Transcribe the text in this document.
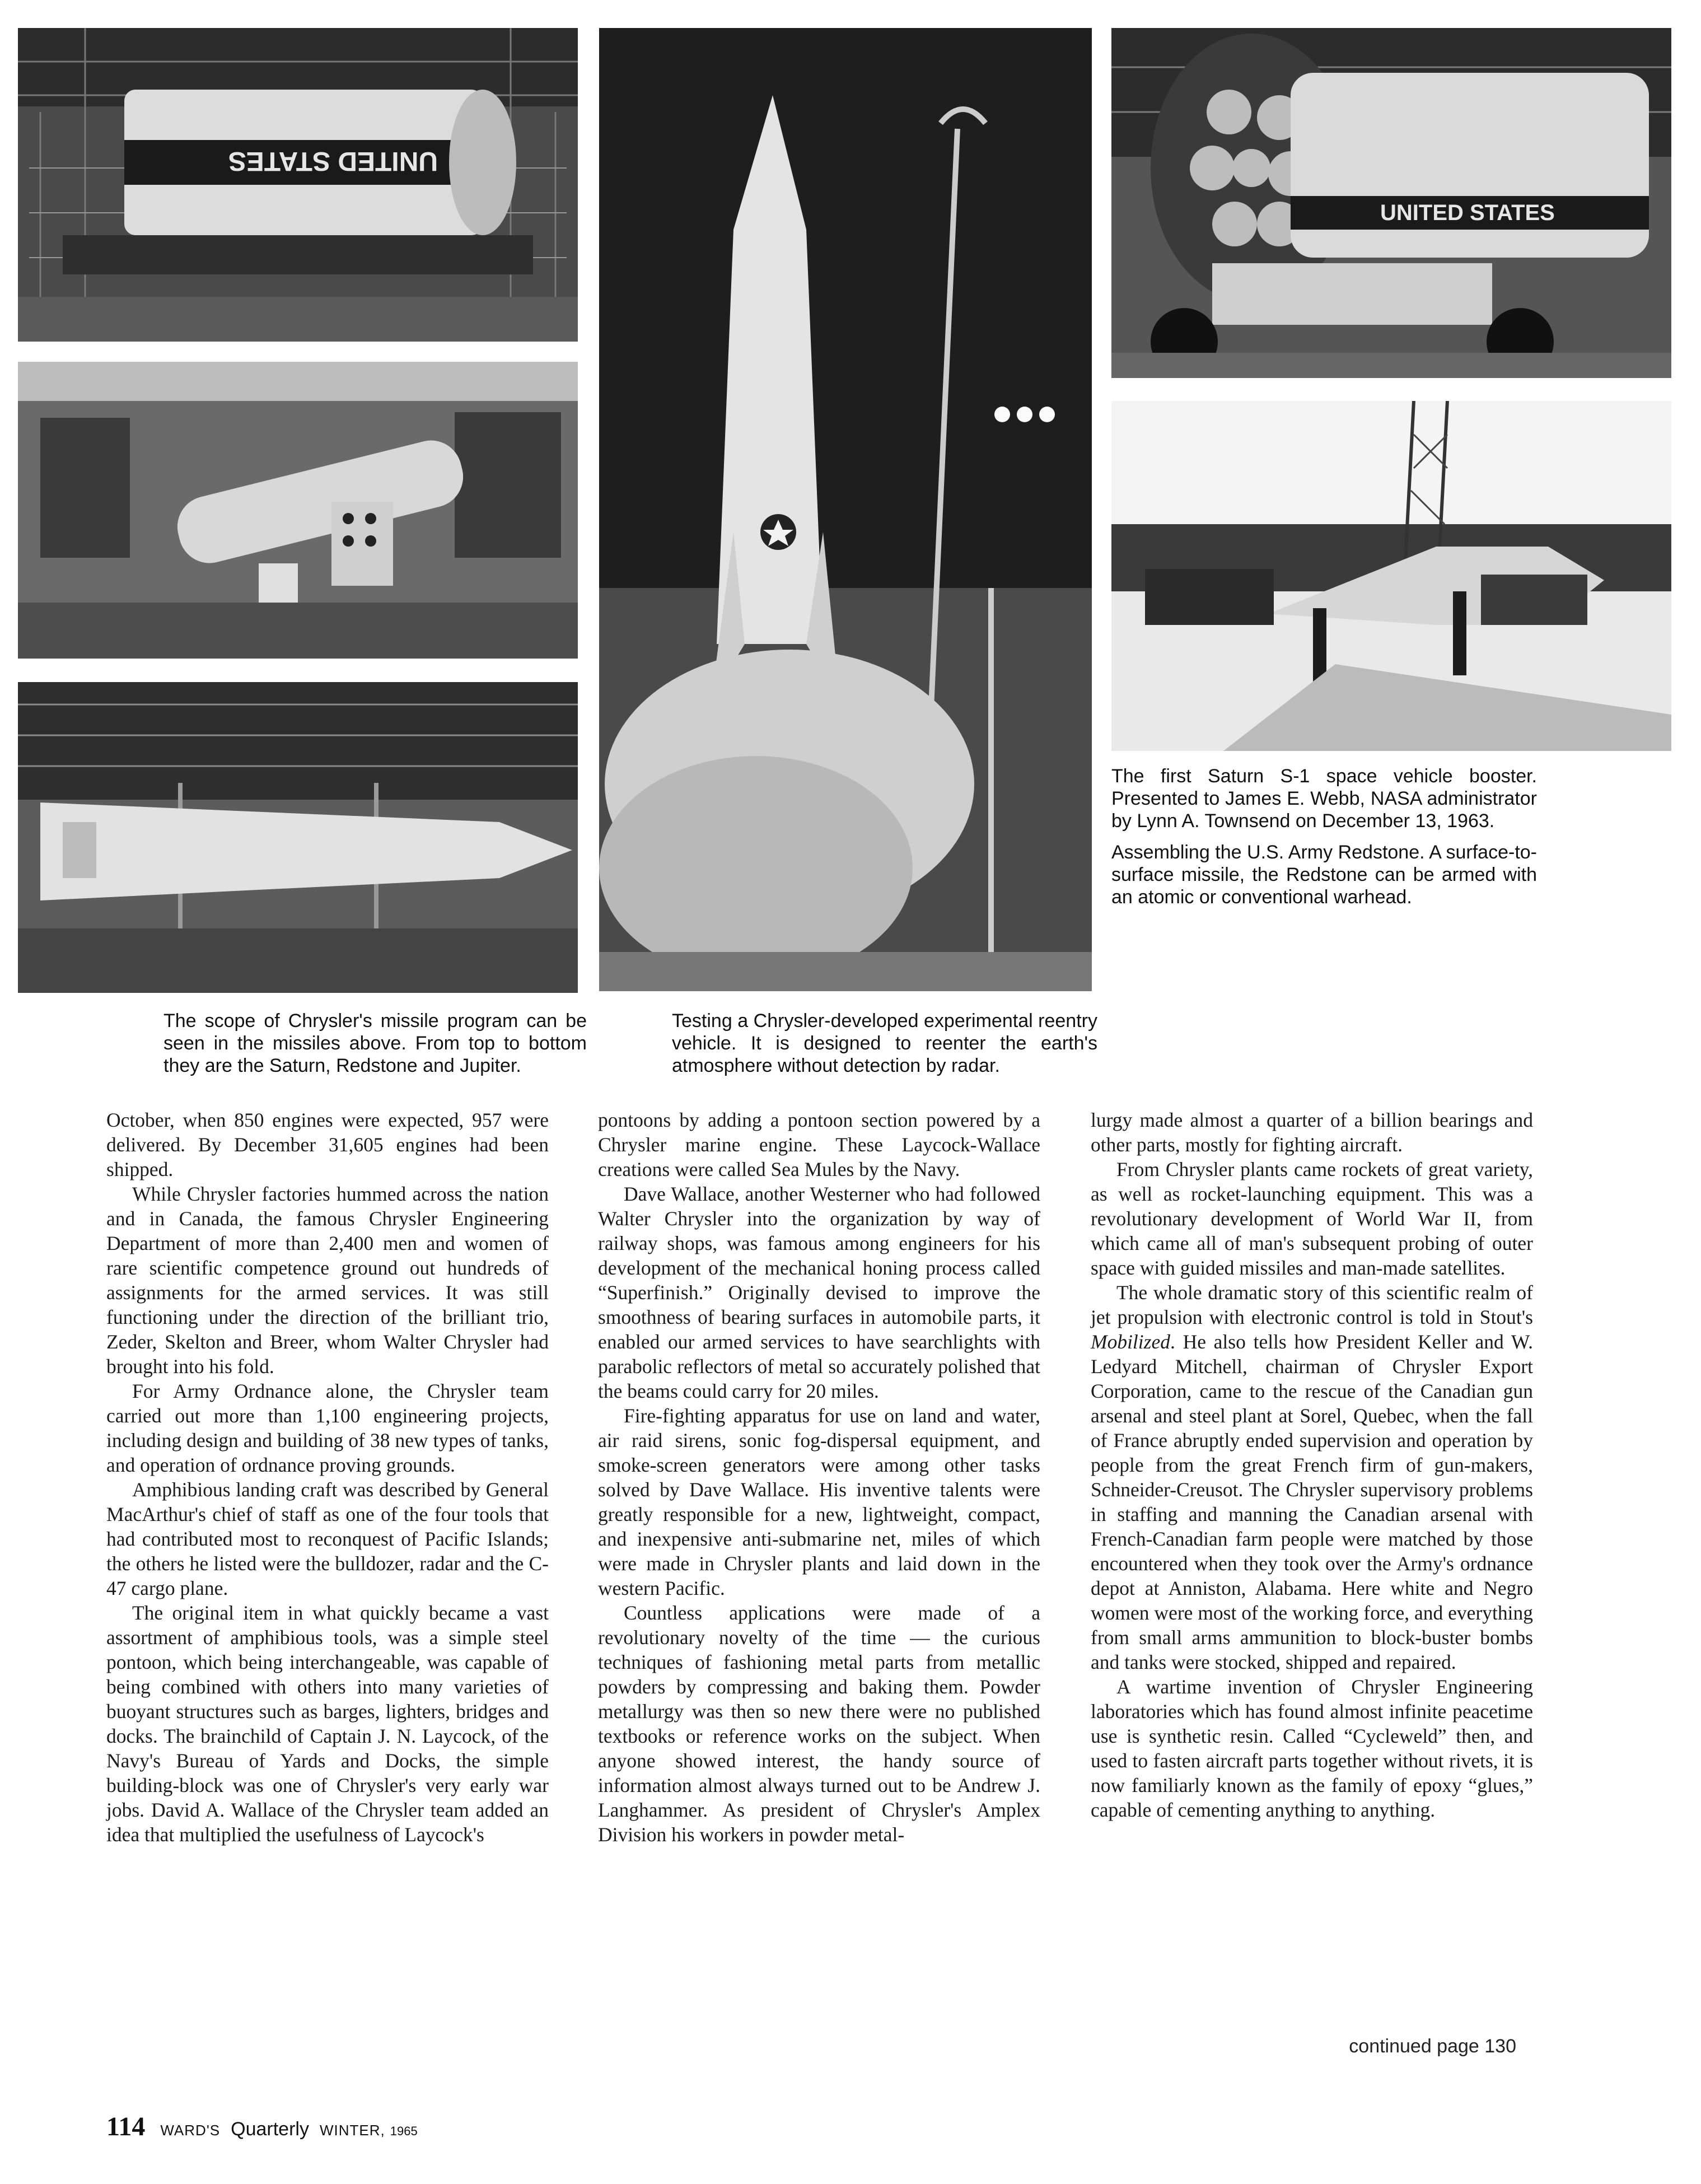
UNITED STATES
UNITED STATES

The first Saturn S-1 space vehicle booster. Presented to James E. Webb, NASA administrator by Lynn A. Townsend on December 13, 1963.

Assembling the U.S. Army Redstone. A surface-to-surface missile, the Redstone can be armed with an atomic or conventional warhead.

The scope of Chrysler's missile program can be seen in the missiles above. From top to bottom they are the Saturn, Redstone and Jupiter.

Testing a Chrysler-developed experimental reentry vehicle. It is designed to reenter the earth's atmosphere without detection by radar.

October, when 850 engines were expected, 957 were delivered. By December 31,605 engines had been shipped.

While Chrysler factories hummed across the nation and in Canada, the famous Chrysler Engineering Department of more than 2,400 men and women of rare scientific competence ground out hundreds of assignments for the armed services. It was still functioning under the direction of the brilliant trio, Zeder, Skelton and Breer, whom Walter Chrysler had brought into his fold.

For Army Ordnance alone, the Chrysler team carried out more than 1,100 engineering projects, including design and building of 38 new types of tanks, and operation of ordnance proving grounds.

Amphibious landing craft was described by General MacArthur's chief of staff as one of the four tools that had contributed most to reconquest of Pacific Islands; the others he listed were the bulldozer, radar and the C-47 cargo plane.

The original item in what quickly became a vast assortment of amphibious tools, was a simple steel pontoon, which being interchangeable, was capable of being combined with others into many varieties of buoyant structures such as barges, lighters, bridges and docks. The brainchild of Captain J. N. Laycock, of the Navy's Bureau of Yards and Docks, the simple building-block was one of Chrysler's very early war jobs. David A. Wallace of the Chrysler team added an idea that multiplied the usefulness of Laycock's

pontoons by adding a pontoon section powered by a Chrysler marine engine. These Laycock-Wallace creations were called Sea Mules by the Navy.

Dave Wallace, another Westerner who had followed Walter Chrysler into the organization by way of railway shops, was famous among engineers for his development of the mechanical honing process called “Superfinish.” Originally devised to improve the smoothness of bearing surfaces in automobile parts, it enabled our armed services to have searchlights with parabolic reflectors of metal so accurately polished that the beams could carry for 20 miles.

Fire-fighting apparatus for use on land and water, air raid sirens, sonic fog-dispersal equipment, and smoke-screen generators were among other tasks solved by Dave Wallace. His inventive talents were greatly responsible for a new, lightweight, compact, and inexpensive anti-submarine net, miles of which were made in Chrysler plants and laid down in the western Pacific.

Countless applications were made of a revolutionary novelty of the time — the curious techniques of fashioning metal parts from metallic powders by compressing and baking them. Powder metallurgy was then so new there were no published textbooks or reference works on the subject. When anyone showed interest, the handy source of information almost always turned out to be Andrew J. Langhammer. As president of Chrysler's Amplex Division his workers in powder metal-

lurgy made almost a quarter of a billion bearings and other parts, mostly for fighting aircraft.

From Chrysler plants came rockets of great variety, as well as rocket-launching equipment. This was a revolutionary development of World War II, from which came all of man's subsequent probing of outer space with guided missiles and man-made satellites.

The whole dramatic story of this scientific realm of jet propulsion with electronic control is told in Stout's Mobilized. He also tells how President Keller and W. Ledyard Mitchell, chairman of Chrysler Export Corporation, came to the rescue of the Canadian gun arsenal and steel plant at Sorel, Quebec, when the fall of France abruptly ended supervision and operation by people from the great French firm of gun-makers, Schneider-Creusot. The Chrysler supervisory problems in staffing and manning the Canadian arsenal with French-Canadian farm people were matched by those encountered when they took over the Army's ordnance depot at Anniston, Alabama. Here white and Negro women were most of the working force, and everything from small arms ammunition to block-buster bombs and tanks were stocked, shipped and repaired.

A wartime invention of Chrysler Engineering laboratories which has found almost infinite peacetime use is synthetic resin. Called “Cycleweld” then, and used to fasten aircraft parts together without rivets, it is now familiarly known as the family of epoxy “glues,” capable of cementing anything to anything.

continued page 130
114 WARD'S Quarterly WINTER, 1965
